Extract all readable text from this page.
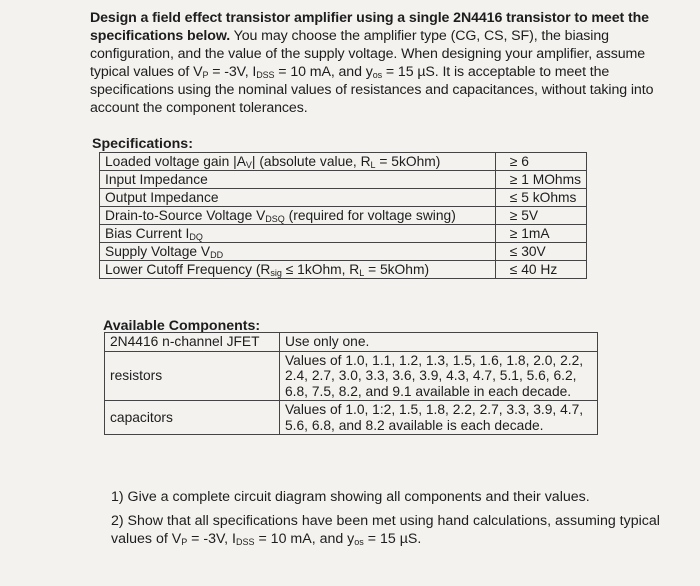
Design a field effect transistor amplifier using a single 2N4416 transistor to meet the specifications below. You may choose the amplifier type (CG, CS, SF), the biasing configuration, and the value of the supply voltage. When designing your amplifier, assume typical values of $V_P = -3V$, $I_{DSS} = 10$ mA, and $y_{os} = 15$ µS. It is acceptable to meet the specifications using the nominal values of resistances and capacitances, without taking into account the component tolerances.
Specifications:
Loaded voltage gain $|A_V|$ (absolute value, $R_L$ = 5kOhm)	≥ 6
Input Impedance	≥ 1 MOhms
Output Impedance	≤ 5 kOhms
Drain-to-Source Voltage $V_{DSQ}$ (required for voltage swing)	≥ 5V
Bias Current $I_{DQ}$	≥ 1mA
Supply Voltage $V_{DD}$	≤ 30V
Lower Cutoff Frequency ($R_{sig}$ ≤ 1kOhm, $R_L$ = 5kOhm)	≤ 40 Hz
Available Components:
2N4416 n-channel JFET	Use only one.
resistors	Values of 1.0, 1.1, 1.2, 1.3, 1.5, 1.6, 1.8, 2.0, 2.2, 2.4, 2.7, 3.0, 3.3, 3.6, 3.9, 4.3, 4.7, 5.1, 5.6, 6.2, 6.8, 7.5, 8.2, and 9.1 available in each decade.
capacitors	Values of 1.0, 1:2, 1.5, 1.8, 2.2, 2.7, 3.3, 3.9, 4.7, 5.6, 6.8, and 8.2 available is each decade.
1) Give a complete circuit diagram showing all components and their values.
2) Show that all specifications have been met using hand calculations, assuming typical values of $V_P = -3V$, $I_{DSS} = 10$ mA, and $y_{os} = 15$ µS.
